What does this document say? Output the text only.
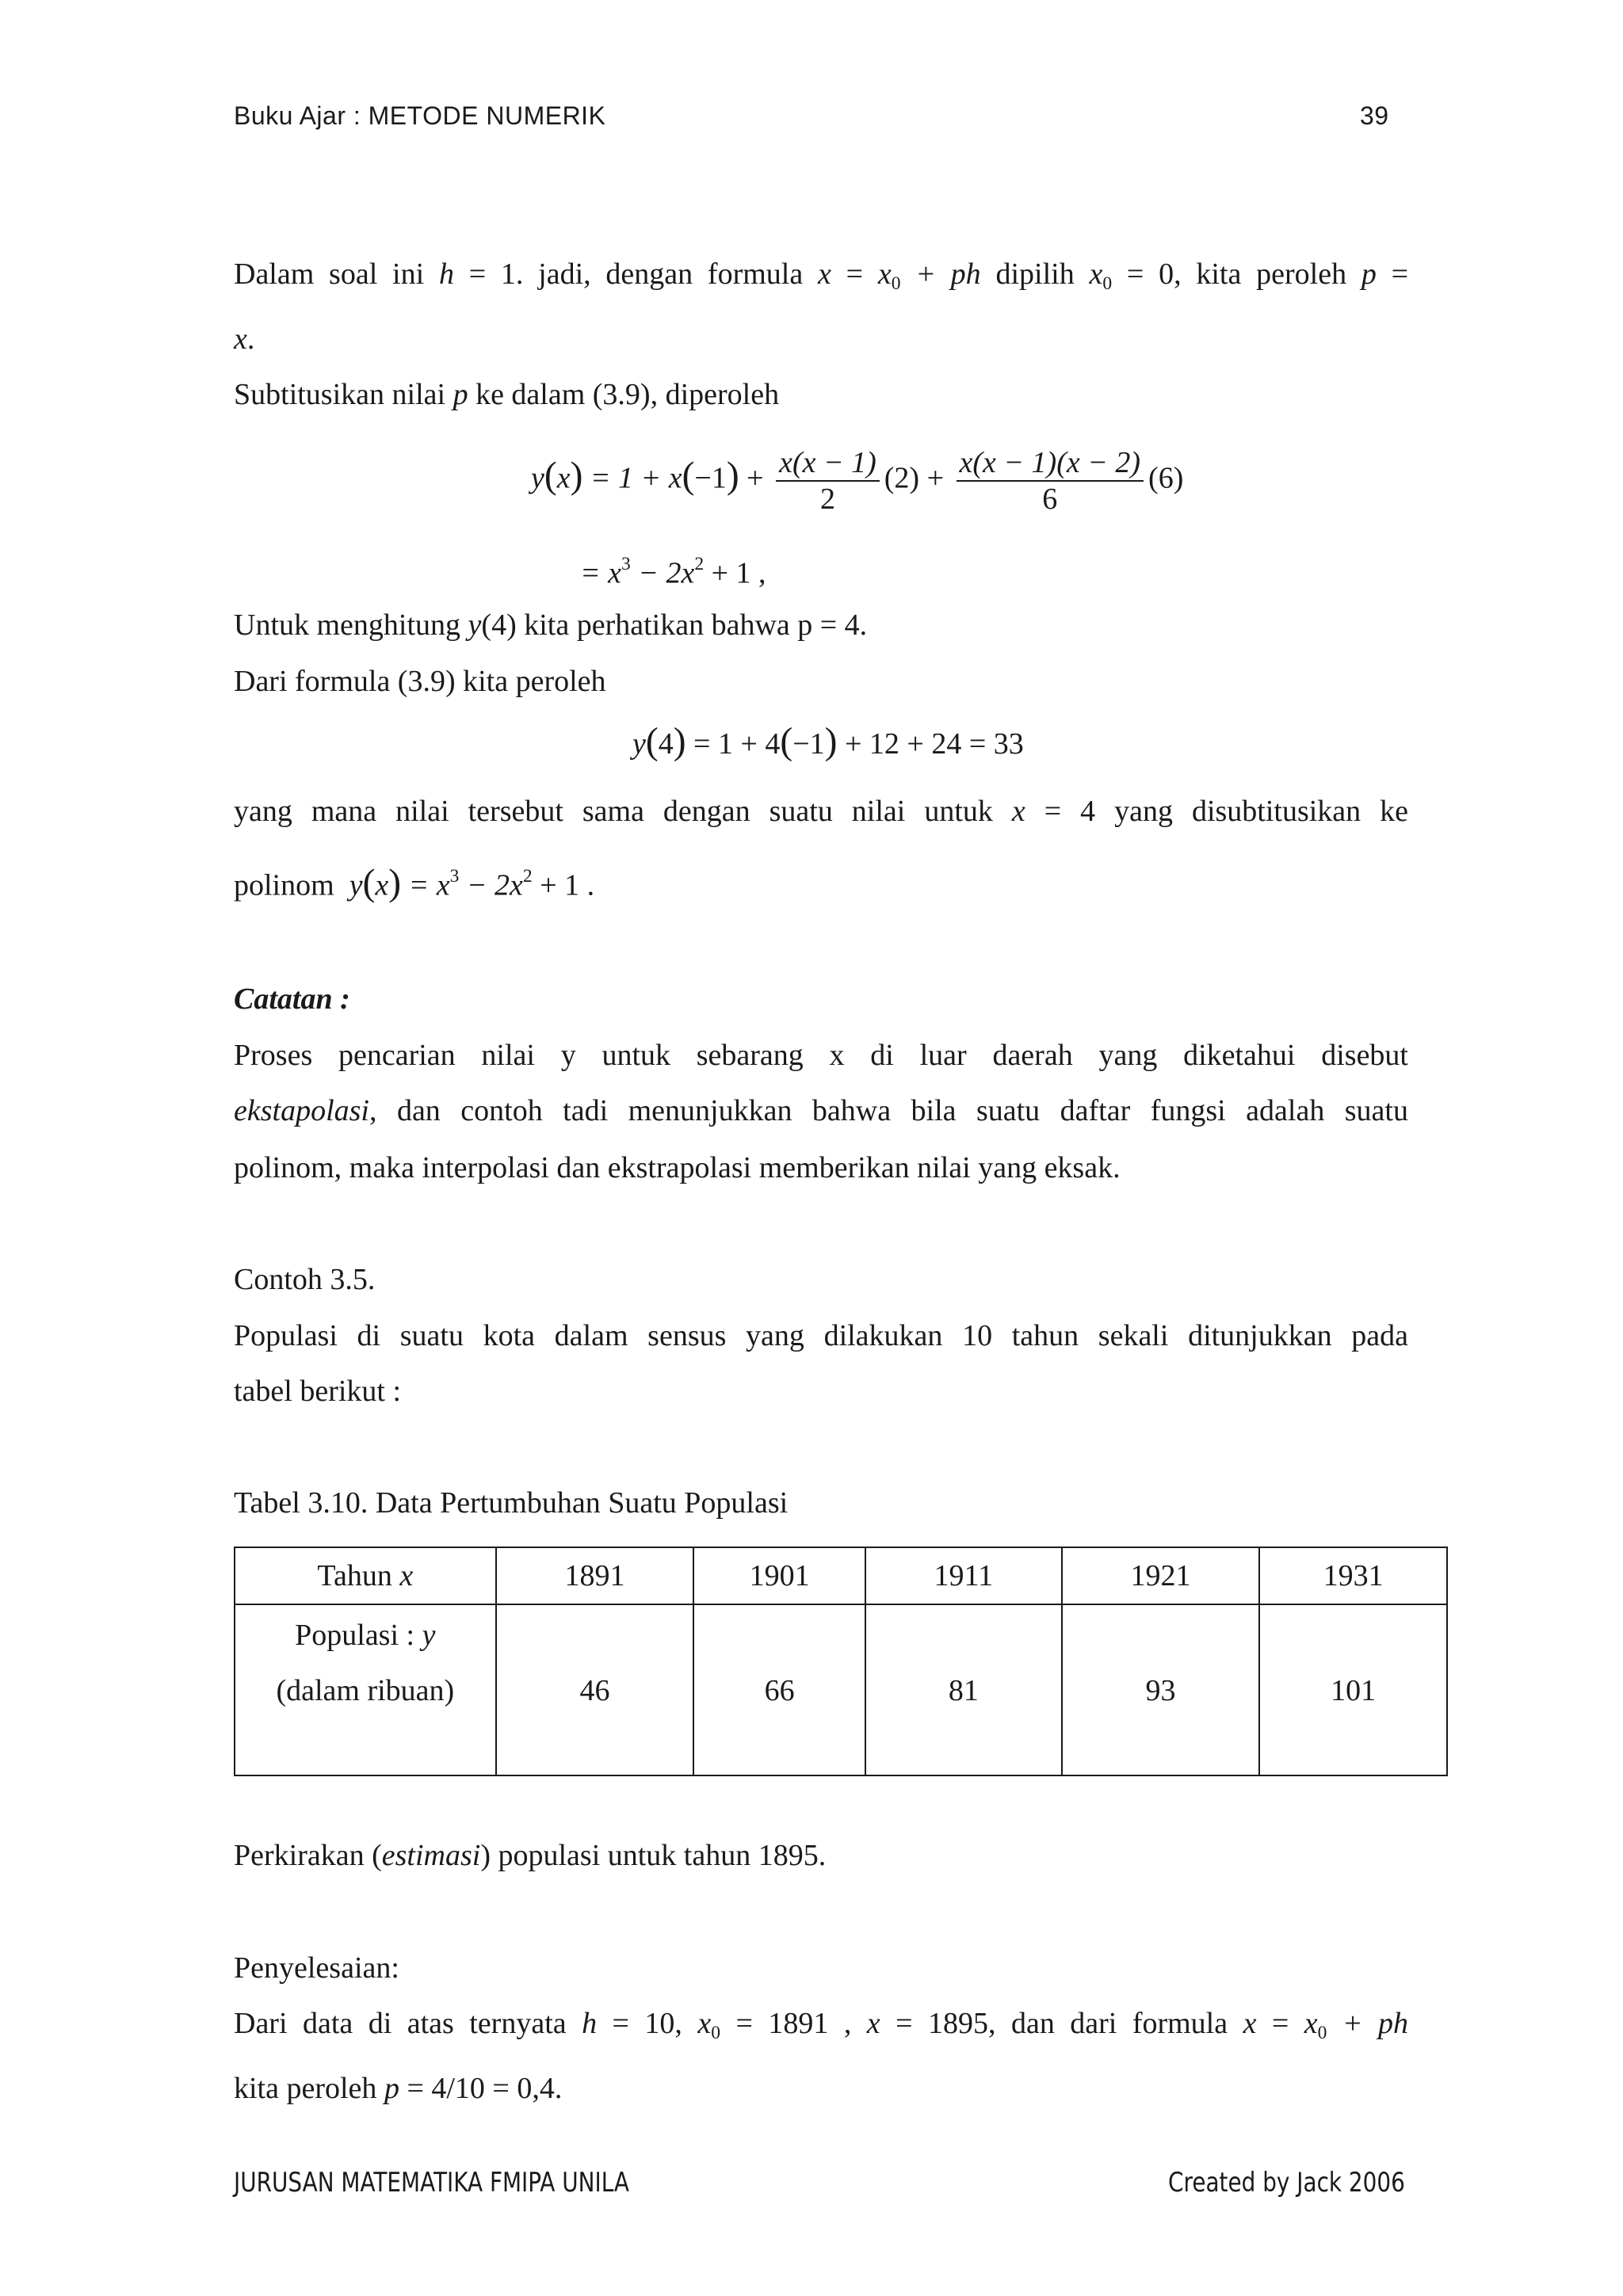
Buku Ajar : METODE NUMERIK	39
Dalam soal ini h = 1. jadi, dengan formula $x = x_0$ + ph dipilih $x_0 = 0$, kita peroleh p =
x.
Subtitusikan nilai p ke dalam (3.9), diperoleh
$y(x) = 1 + x(-1) + \frac{x(x - 1)}{2} (2) + \frac{x(x - 1)(x - 2)}{6} (6)$
= $x^3 - 2x^2 + 1$ ,
Untuk menghitung y(4) kita perhatikan bahwa p = 4.
Dari formula (3.9) kita peroleh
y(4) = 1 + 4(−1) + 12 + 24 = 33
yang mana nilai tersebut sama dengan suatu nilai untuk x = 4 yang disubtitusikan ke
polinom $y(x) = x^3 - 2x^2 + 1$ .
Catatan :
Proses pencarian nilai y untuk sebarang x di luar daerah yang diketahui disebut
ekstapolasi, dan contoh tadi menunjukkan bahwa bila suatu daftar fungsi adalah suatu
polinom, maka interpolasi dan ekstrapolasi memberikan nilai yang eksak.
Contoh 3.5.
Populasi di suatu kota dalam sensus yang dilakukan 10 tahun sekali ditunjukkan pada
tabel berikut :
Tabel 3.10. Data Pertumbuhan Suatu Populasi
Tahun x	1891	1901	1911	1921	1931

Populasi : y
(dalam ribuan)	46	66	81	93	101
Perkirakan (estimasi) populasi untuk tahun 1895.
Penyelesaian:
Dari data di atas ternyata h = 10, $x_0 = 1891$ , x = 1895, dan dari formula $x = x_0$ + ph
kita peroleh p = 4/10 = 0,4.
JURUSAN MATEMATIKA FMIPA UNILA	Created by Jack 2006
